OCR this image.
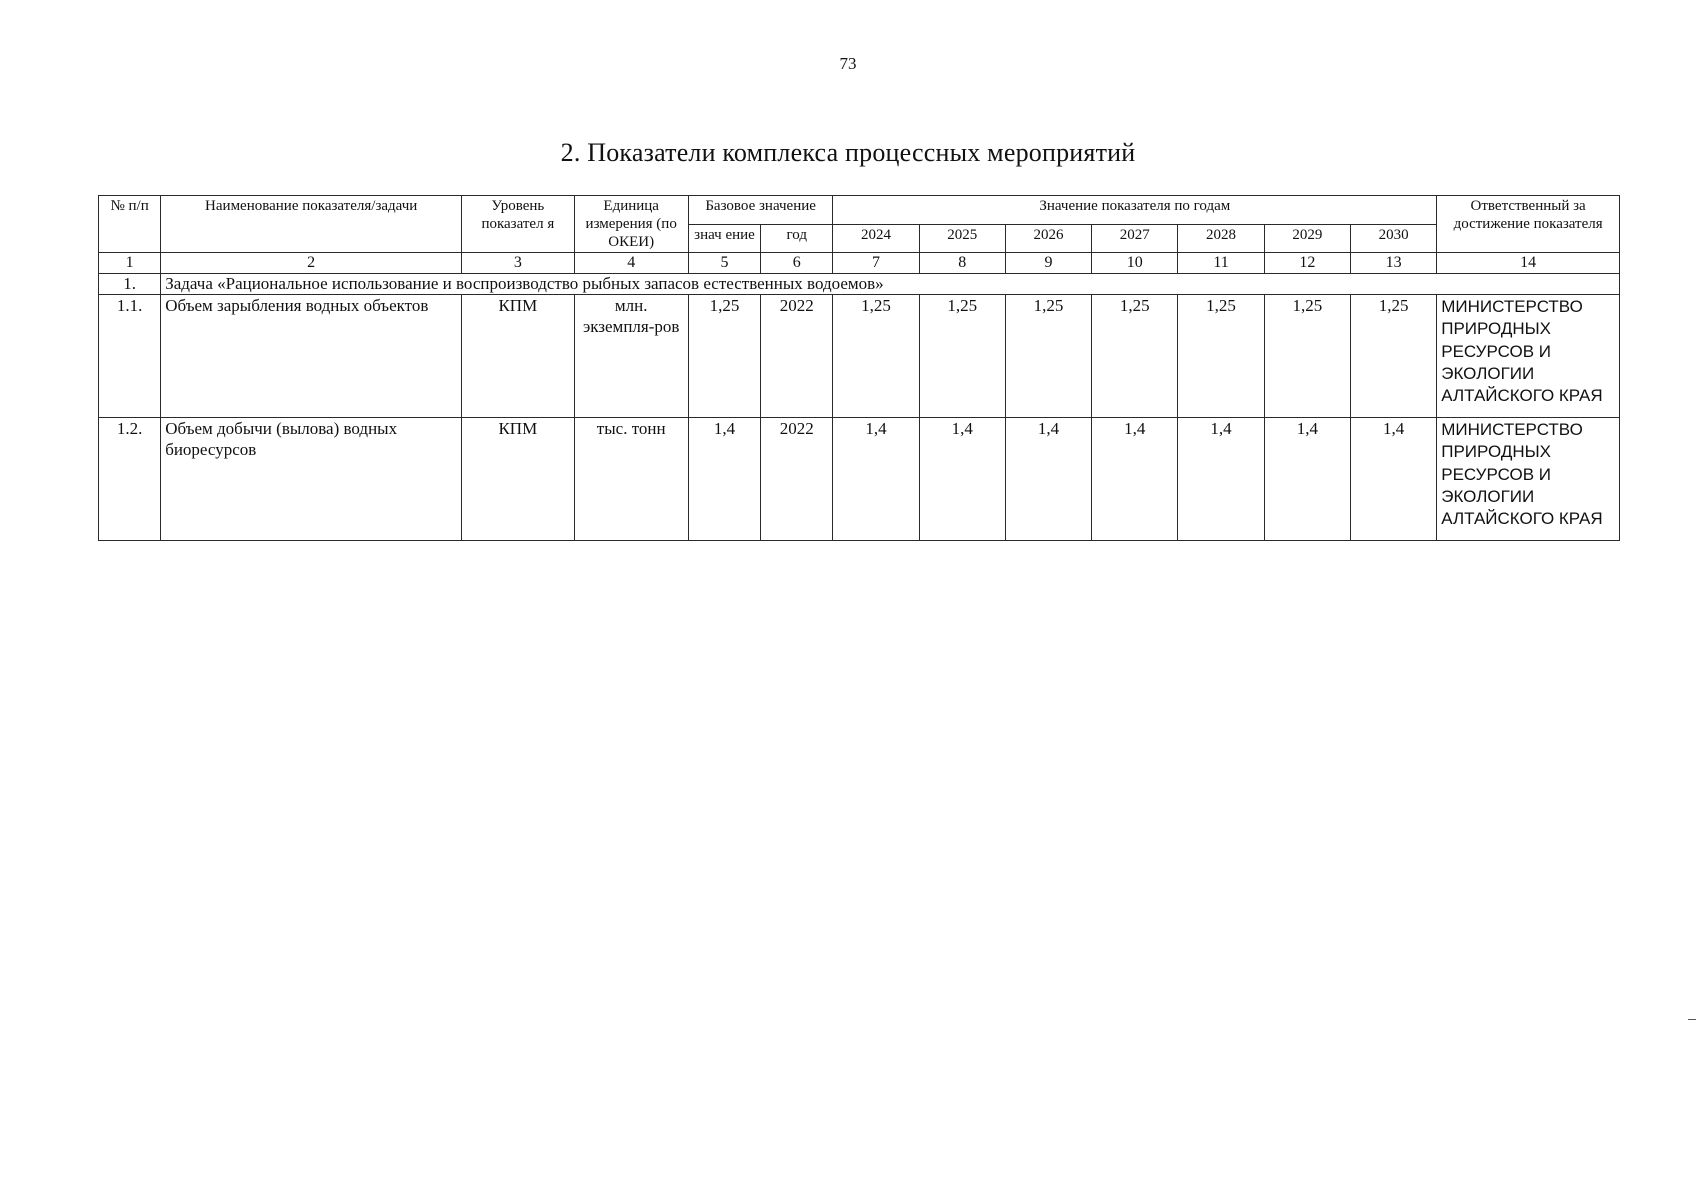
73
2. Показатели комплекса процессных мероприятий
№ п/п	Наименование показателя/задачи	Уровень показател я	Единица измерения (по ОКЕИ)	Базовое значение		Значение показателя по годам							Ответственный за достижение показателя
				знач ение	год	2024	2025	2026	2027	2028	2029	2030	
1	2	3	4	5	6	7	8	9	10	11	12	13	14
1.	Задача «Рациональное использование и воспроизводство рыбных запасов естественных водоемов»												
1.1.	Объем зарыбления водных объектов	КПМ	млн. экземпля-ров	1,25	2022	1,25	1,25	1,25	1,25	1,25	1,25	1,25	МИНИСТЕРСТВО ПРИРОДНЫХ РЕСУРСОВ И ЭКОЛОГИИ АЛТАЙСКОГО КРАЯ
1.2.	Объем добычи (вылова) водных биоресурсов	КПМ	тыс. тонн	1,4	2022	1,4	1,4	1,4	1,4	1,4	1,4	1,4	МИНИСТЕРСТВО ПРИРОДНЫХ РЕСУРСОВ И ЭКОЛОГИИ АЛТАЙСКОГО КРАЯ
